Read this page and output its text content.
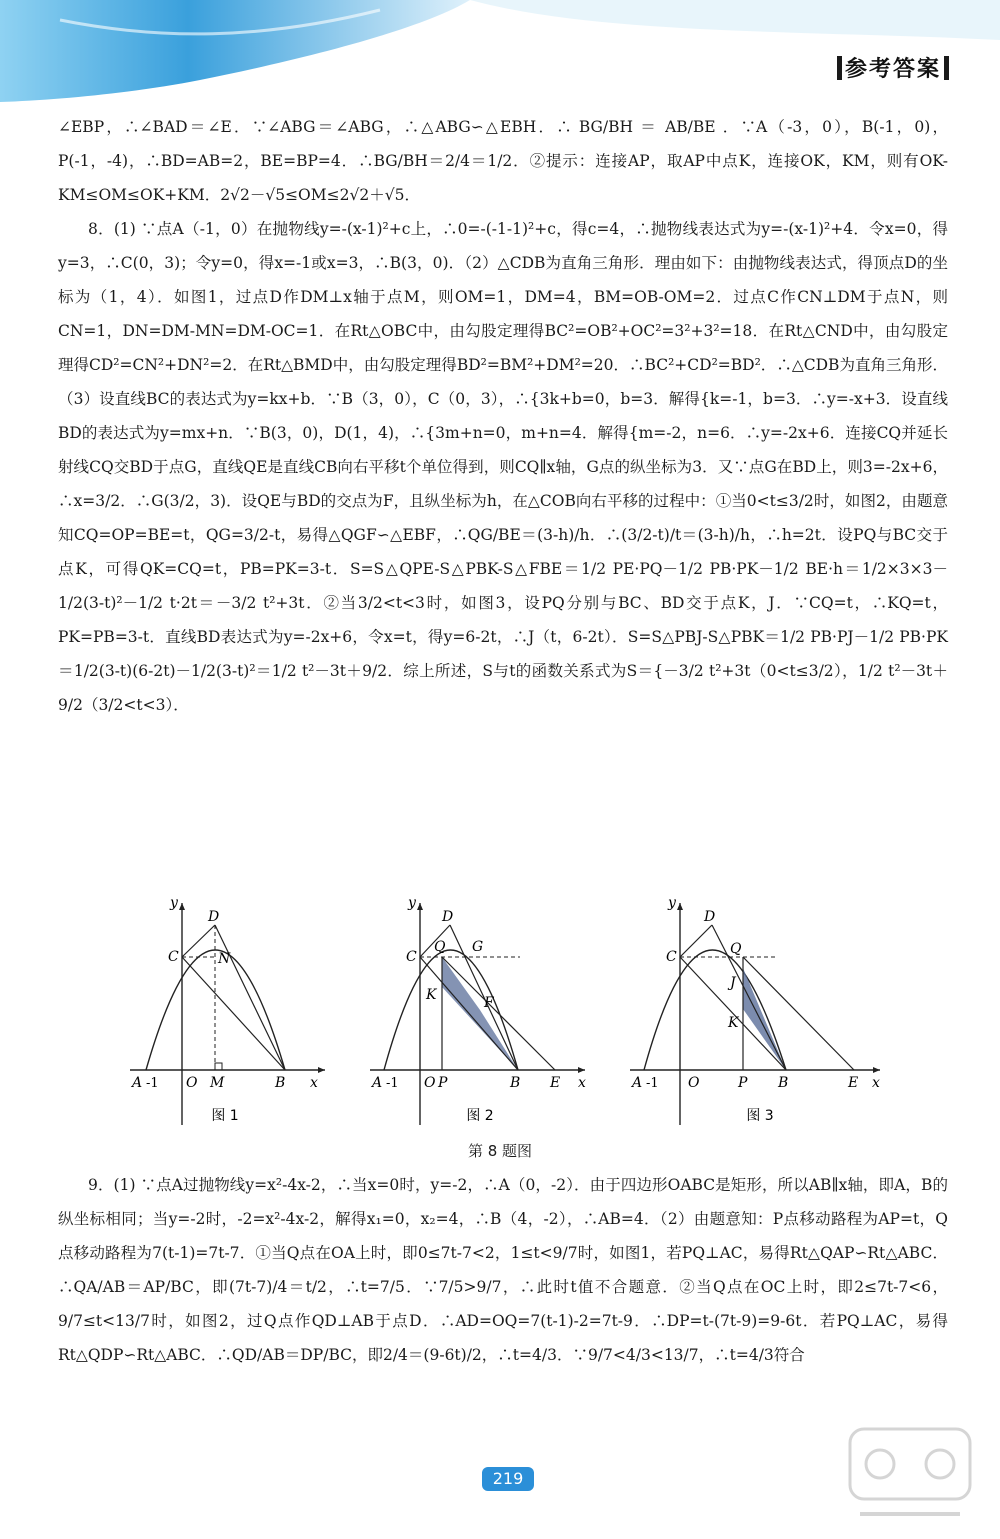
参考答案

∠EBP，∴∠BAD＝∠E．∵∠ABG＝∠ABG，∴△ABG∽△EBH．∴ BG/BH ＝ AB/BE ．∵A（-3，0），B(-1，0)，P(-1，-4)，∴BD=AB=2，BE=BP=4．∴BG/BH＝2/4＝1/2．②提示：连接AP，取AP中点K，连接OK，KM，则有OK-KM≤OM≤OK+KM．2√2－√5≤OM≤2√2＋√5．

8．(1) ∵点A（-1，0）在抛物线y=-(x-1)²+c上，∴0=-(-1-1)²+c，得c=4，∴抛物线表达式为y=-(x-1)²+4．令x=0，得y=3，∴C(0，3)；令y=0，得x=-1或x=3，∴B(3，0)．（2）△CDB为直角三角形．理由如下：由抛物线表达式，得顶点D的坐标为（1，4）．如图1，过点D作DM⊥x轴于点M，则OM=1，DM=4，BM=OB-OM=2．过点C作CN⊥DM于点N，则CN=1，DN=DM-MN=DM-OC=1．在Rt△OBC中，由勾股定理得BC²=OB²+OC²=3²+3²=18．在Rt△CND中，由勾股定理得CD²=CN²+DN²=2．在Rt△BMD中，由勾股定理得BD²=BM²+DM²=20．∴BC²+CD²=BD²．∴△CDB为直角三角形．（3）设直线BC的表达式为y=kx+b．∵B（3，0），C（0，3），∴{3k+b=0，b=3．解得{k=-1，b=3．∴y=-x+3．设直线BD的表达式为y=mx+n．∵B(3，0)，D(1，4)，∴{3m+n=0，m+n=4．解得{m=-2，n=6．∴y=-2x+6．连接CQ并延长射线CQ交BD于点G，直线QE是直线CB向右平移t个单位得到，则CQ∥x轴，G点的纵坐标为3．又∵点G在BD上，则3=-2x+6，∴x=3/2．∴G(3/2，3)．设QE与BD的交点为F，且纵坐标为h，在△COB向右平移的过程中：①当0<t≤3/2时，如图2，由题意知CQ=OP=BE=t，QG=3/2-t，易得△QGF∽△EBF，∴QG/BE＝(3-h)/h．∴(3/2-t)/t＝(3-h)/h，∴h=2t．设PQ与BC交于点K，可得QK=CQ=t，PB=PK=3-t．S=S△QPE-S△PBK-S△FBE＝1/2 PE·PQ－1/2 PB·PK－1/2 BE·h＝1/2×3×3－1/2(3-t)²－1/2 t·2t＝－3/2 t²+3t．②当3/2<t<3时，如图3，设PQ分别与BC、BD交于点K，J．∵CQ=t，∴KQ=t，PK=PB=3-t．直线BD表达式为y=-2x+6，令x=t，得y=6-2t，∴J（t，6-2t）．S=S△PBJ-S△PBK＝1/2 PB·PJ－1/2 PB·PK＝1/2(3-t)(6-2t)－1/2(3-t)²＝1/2 t²－3t＋9/2．综上所述，S与t的函数关系式为S＝{－3/2 t²+3t（0<t≤3/2），1/2 t²－3t＋9/2（3/2<t<3）．

y
D
C	N
A -1 O M	B x
图 1
y
D
C
Q G
K	F
A -1 O P	B E x
图 2
y
D
C	Q
J
K
A -1 O	P B	E x
图 3
第 8 题图

9．(1) ∵点A过抛物线y=x²-4x-2，∴当x=0时，y=-2，∴A（0，-2）．由于四边形OABC是矩形，所以AB∥x轴，即A，B的纵坐标相同；当y=-2时，-2=x²-4x-2，解得x₁=0，x₂=4，∴B（4，-2），∴AB=4．（2）由题意知：P点移动路程为AP=t，Q点移动路程为7(t-1)=7t-7．①当Q点在OA上时，即0≤7t-7<2，1≤t<9/7时，如图1，若PQ⊥AC，易得Rt△QAP∽Rt△ABC．∴QA/AB＝AP/BC，即(7t-7)/4＝t/2，∴t=7/5．∵7/5>9/7，∴此时t值不合题意．②当Q点在OC上时，即2≤7t-7<6，9/7≤t<13/7时，如图2，过Q点作QD⊥AB于点D．∴AD=OQ=7(t-1)-2=7t-9．∴DP=t-(7t-9)=9-6t．若PQ⊥AC，易得Rt△QDP∽Rt△ABC．∴QD/AB＝DP/BC，即2/4＝(9-6t)/2，∴t=4/3．∵9/7<4/3<13/7，∴t=4/3符合

219
